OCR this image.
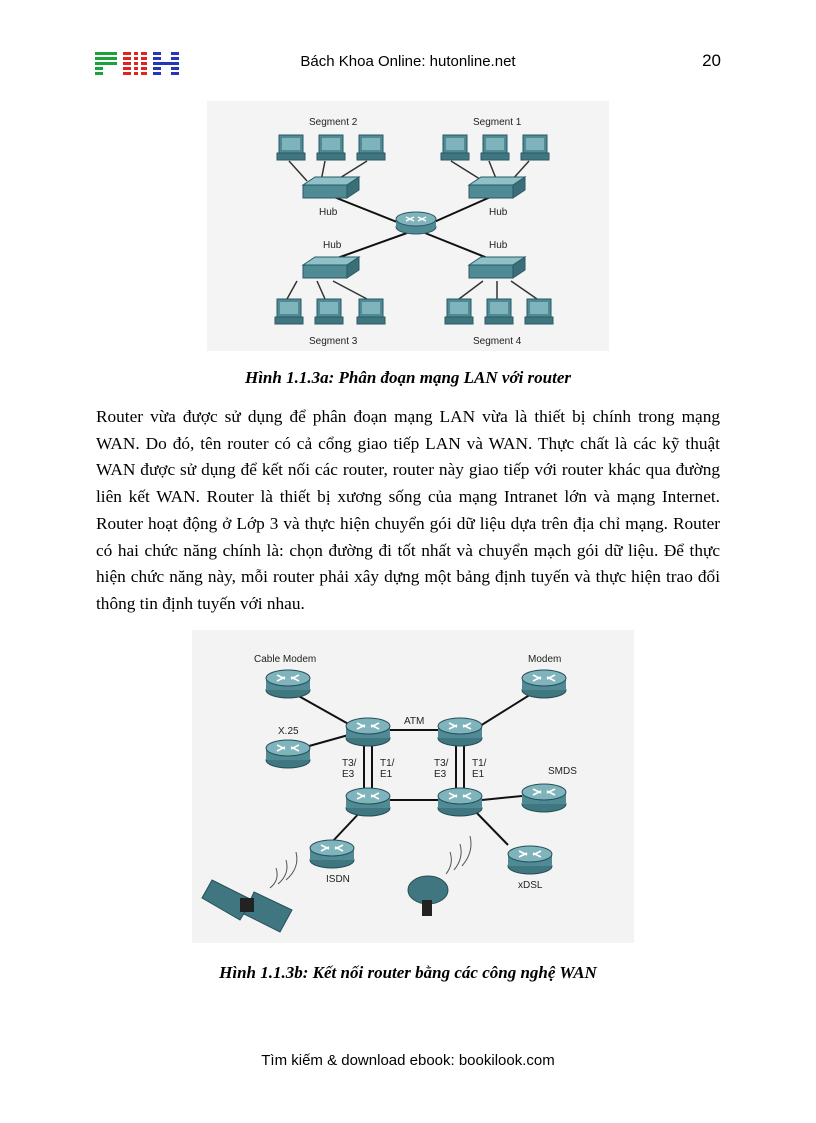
Bách Khoa Online: hutonline.net	20
Segment 2	Segment 1
Hub	Hub
Hub	Hub
Segment 3	Segment 4
Hình 1.1.3a: Phân đoạn mạng LAN với router
Router vừa được sử dụng để phân đoạn mạng LAN vừa là thiết bị chính trong mạng WAN. Do đó, tên router có cả cổng giao tiếp LAN và WAN. Thực chất là các kỹ thuật WAN được sử dụng để kết nối các router, router này giao tiếp với router khác qua đường liên kết WAN. Router là thiết bị xương sống của mạng Intranet lớn và mạng Internet. Router hoạt động ở Lớp 3 và thực hiện chuyển gói dữ liệu dựa trên địa chỉ mạng. Router có hai chức năng chính là: chọn đường đi tốt nhất và chuyển mạch gói dữ liệu. Để thực hiện chức năng này, mỗi router phải xây dựng một bảng định tuyến và thực hiện trao đổi thông tin định tuyến với nhau.
Cable Modem	Modem
X.25
ATM
T3/
E3
T1/
E1
T3/
E3
T1/
E1	SMDS
ISDN
xDSL
Hình 1.1.3b: Kết nối router bằng các công nghệ WAN
Tìm kiếm & download ebook: bookilook.com
